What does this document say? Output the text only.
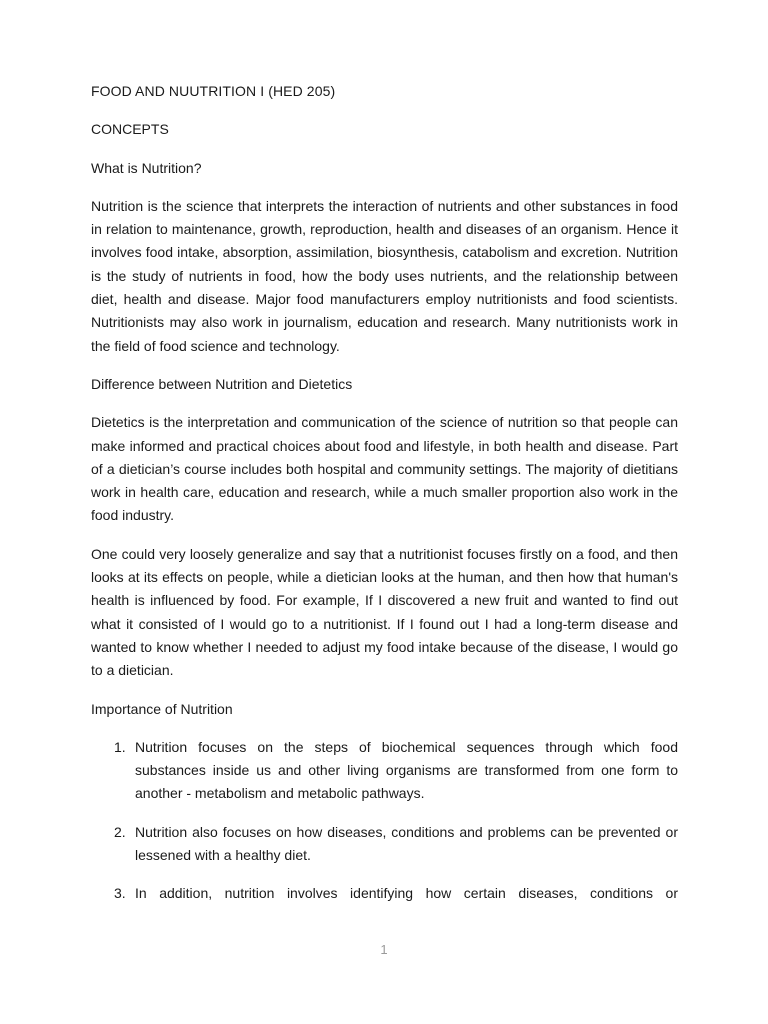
FOOD AND NUUTRITION I (HED 205)

CONCEPTS

What is Nutrition?

Nutrition is the science that interprets the interaction of nutrients and other substances in food in relation to maintenance, growth, reproduction, health and diseases of an organism. Hence it involves food intake, absorption, assimilation, biosynthesis, catabolism and excretion. Nutrition is the study of nutrients in food, how the body uses nutrients, and the relationship between diet, health and disease. Major food manufacturers employ nutritionists and food scientists. Nutritionists may also work in journalism, education and research. Many nutritionists work in the field of food science and technology.

Difference between Nutrition and Dietetics

Dietetics is the interpretation and communication of the science of nutrition so that people can make informed and practical choices about food and lifestyle, in both health and disease. Part of a dietician’s course includes both hospital and community settings. The majority of dietitians work in health care, education and research, while a much smaller proportion also work in the food industry.

One could very loosely generalize and say that a nutritionist focuses firstly on a food, and then looks at its effects on people, while a dietician looks at the human, and then how that human's health is influenced by food. For example, If I discovered a new fruit and wanted to find out what it consisted of I would go to a nutritionist. If I found out I had a long-term disease and wanted to know whether I needed to adjust my food intake because of the disease, I would go to a dietician.

Importance of Nutrition

1. Nutrition focuses on the steps of biochemical sequences through which food substances inside us and other living organisms are transformed from one form to another - metabolism and metabolic pathways.
2. Nutrition also focuses on how diseases, conditions and problems can be prevented or lessened with a healthy diet.
3. In addition, nutrition involves identifying how certain diseases, conditions or
1
